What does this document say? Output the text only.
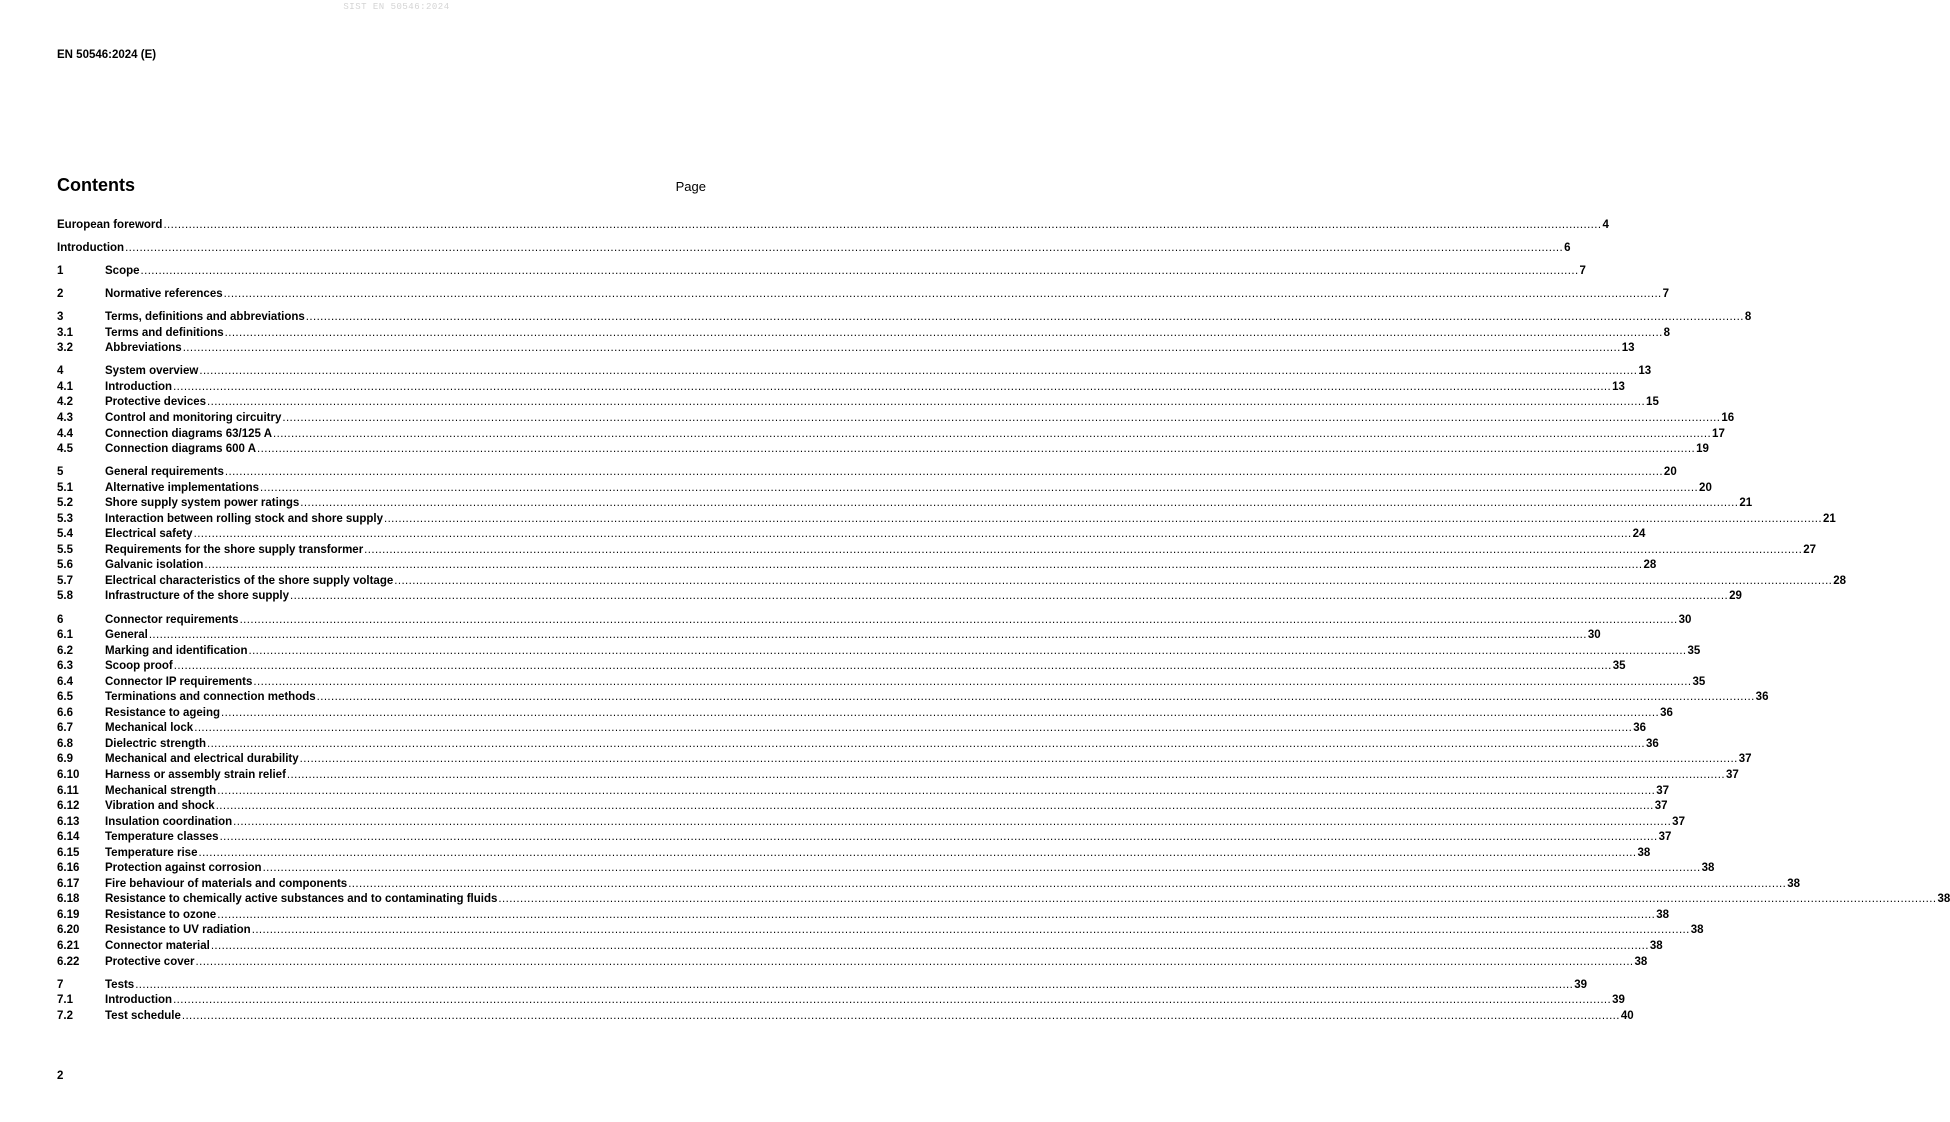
SIST EN 50546:2024
EN 50546:2024 (E)
Contents	Page
European foreword ................................................................................................................................................................................................................................................................................................................................................................................................................ 4
Introduction ................................................................................................................................................................................................................................................................................................................................................................................................................ 6
1	Scope ................................................................................................................................................................................................................................................................................................................................................................................................................ 7
2	Normative references ................................................................................................................................................................................................................................................................................................................................................................................................................ 7
3	Terms, definitions and abbreviations ................................................................................................................................................................................................................................................................................................................................................................................................................ 8
3.1	Terms and definitions ................................................................................................................................................................................................................................................................................................................................................................................................................ 8
3.2	Abbreviations ................................................................................................................................................................................................................................................................................................................................................................................................................ 13
4	System overview ................................................................................................................................................................................................................................................................................................................................................................................................................ 13
4.1	Introduction ................................................................................................................................................................................................................................................................................................................................................................................................................ 13
4.2	Protective devices ................................................................................................................................................................................................................................................................................................................................................................................................................ 15
4.3	Control and monitoring circuitry ................................................................................................................................................................................................................................................................................................................................................................................................................ 16
4.4	Connection diagrams 63/125 A ................................................................................................................................................................................................................................................................................................................................................................................................................ 17
4.5	Connection diagrams 600 A ................................................................................................................................................................................................................................................................................................................................................................................................................ 19
5	General requirements ................................................................................................................................................................................................................................................................................................................................................................................................................ 20
5.1	Alternative implementations ................................................................................................................................................................................................................................................................................................................................................................................................................ 20
5.2	Shore supply system power ratings ................................................................................................................................................................................................................................................................................................................................................................................................................ 21
5.3	Interaction between rolling stock and shore supply ................................................................................................................................................................................................................................................................................................................................................................................................................ 21
5.4	Electrical safety ................................................................................................................................................................................................................................................................................................................................................................................................................ 24
5.5	Requirements for the shore supply transformer ................................................................................................................................................................................................................................................................................................................................................................................................................ 27
5.6	Galvanic isolation ................................................................................................................................................................................................................................................................................................................................................................................................................ 28
5.7	Electrical characteristics of the shore supply voltage ................................................................................................................................................................................................................................................................................................................................................................................................................ 28
5.8	Infrastructure of the shore supply ................................................................................................................................................................................................................................................................................................................................................................................................................ 29
6	Connector requirements ................................................................................................................................................................................................................................................................................................................................................................................................................ 30
6.1	General ................................................................................................................................................................................................................................................................................................................................................................................................................ 30
6.2	Marking and identification ................................................................................................................................................................................................................................................................................................................................................................................................................ 35
6.3	Scoop proof ................................................................................................................................................................................................................................................................................................................................................................................................................ 35
6.4	Connector IP requirements ................................................................................................................................................................................................................................................................................................................................................................................................................ 35
6.5	Terminations and connection methods ................................................................................................................................................................................................................................................................................................................................................................................................................ 36
6.6	Resistance to ageing ................................................................................................................................................................................................................................................................................................................................................................................................................ 36
6.7	Mechanical lock ................................................................................................................................................................................................................................................................................................................................................................................................................ 36
6.8	Dielectric strength ................................................................................................................................................................................................................................................................................................................................................................................................................ 36
6.9	Mechanical and electrical durability ................................................................................................................................................................................................................................................................................................................................................................................................................ 37
6.10	Harness or assembly strain relief ................................................................................................................................................................................................................................................................................................................................................................................................................ 37
6.11	Mechanical strength ................................................................................................................................................................................................................................................................................................................................................................................................................ 37
6.12	Vibration and shock ................................................................................................................................................................................................................................................................................................................................................................................................................ 37
6.13	Insulation coordination ................................................................................................................................................................................................................................................................................................................................................................................................................ 37
6.14	Temperature classes ................................................................................................................................................................................................................................................................................................................................................................................................................ 37
6.15	Temperature rise ................................................................................................................................................................................................................................................................................................................................................................................................................ 38
6.16	Protection against corrosion ................................................................................................................................................................................................................................................................................................................................................................................................................ 38
6.17	Fire behaviour of materials and components ................................................................................................................................................................................................................................................................................................................................................................................................................ 38
6.18	Resistance to chemically active substances and to contaminating fluids ................................................................................................................................................................................................................................................................................................................................................................................................................ 38
6.19	Resistance to ozone ................................................................................................................................................................................................................................................................................................................................................................................................................ 38
6.20	Resistance to UV radiation ................................................................................................................................................................................................................................................................................................................................................................................................................ 38
6.21	Connector material ................................................................................................................................................................................................................................................................................................................................................................................................................ 38
6.22	Protective cover ................................................................................................................................................................................................................................................................................................................................................................................................................ 38
7	Tests ................................................................................................................................................................................................................................................................................................................................................................................................................ 39
7.1	Introduction ................................................................................................................................................................................................................................................................................................................................................................................................................ 39
7.2	Test schedule ................................................................................................................................................................................................................................................................................................................................................................................................................ 40
2
